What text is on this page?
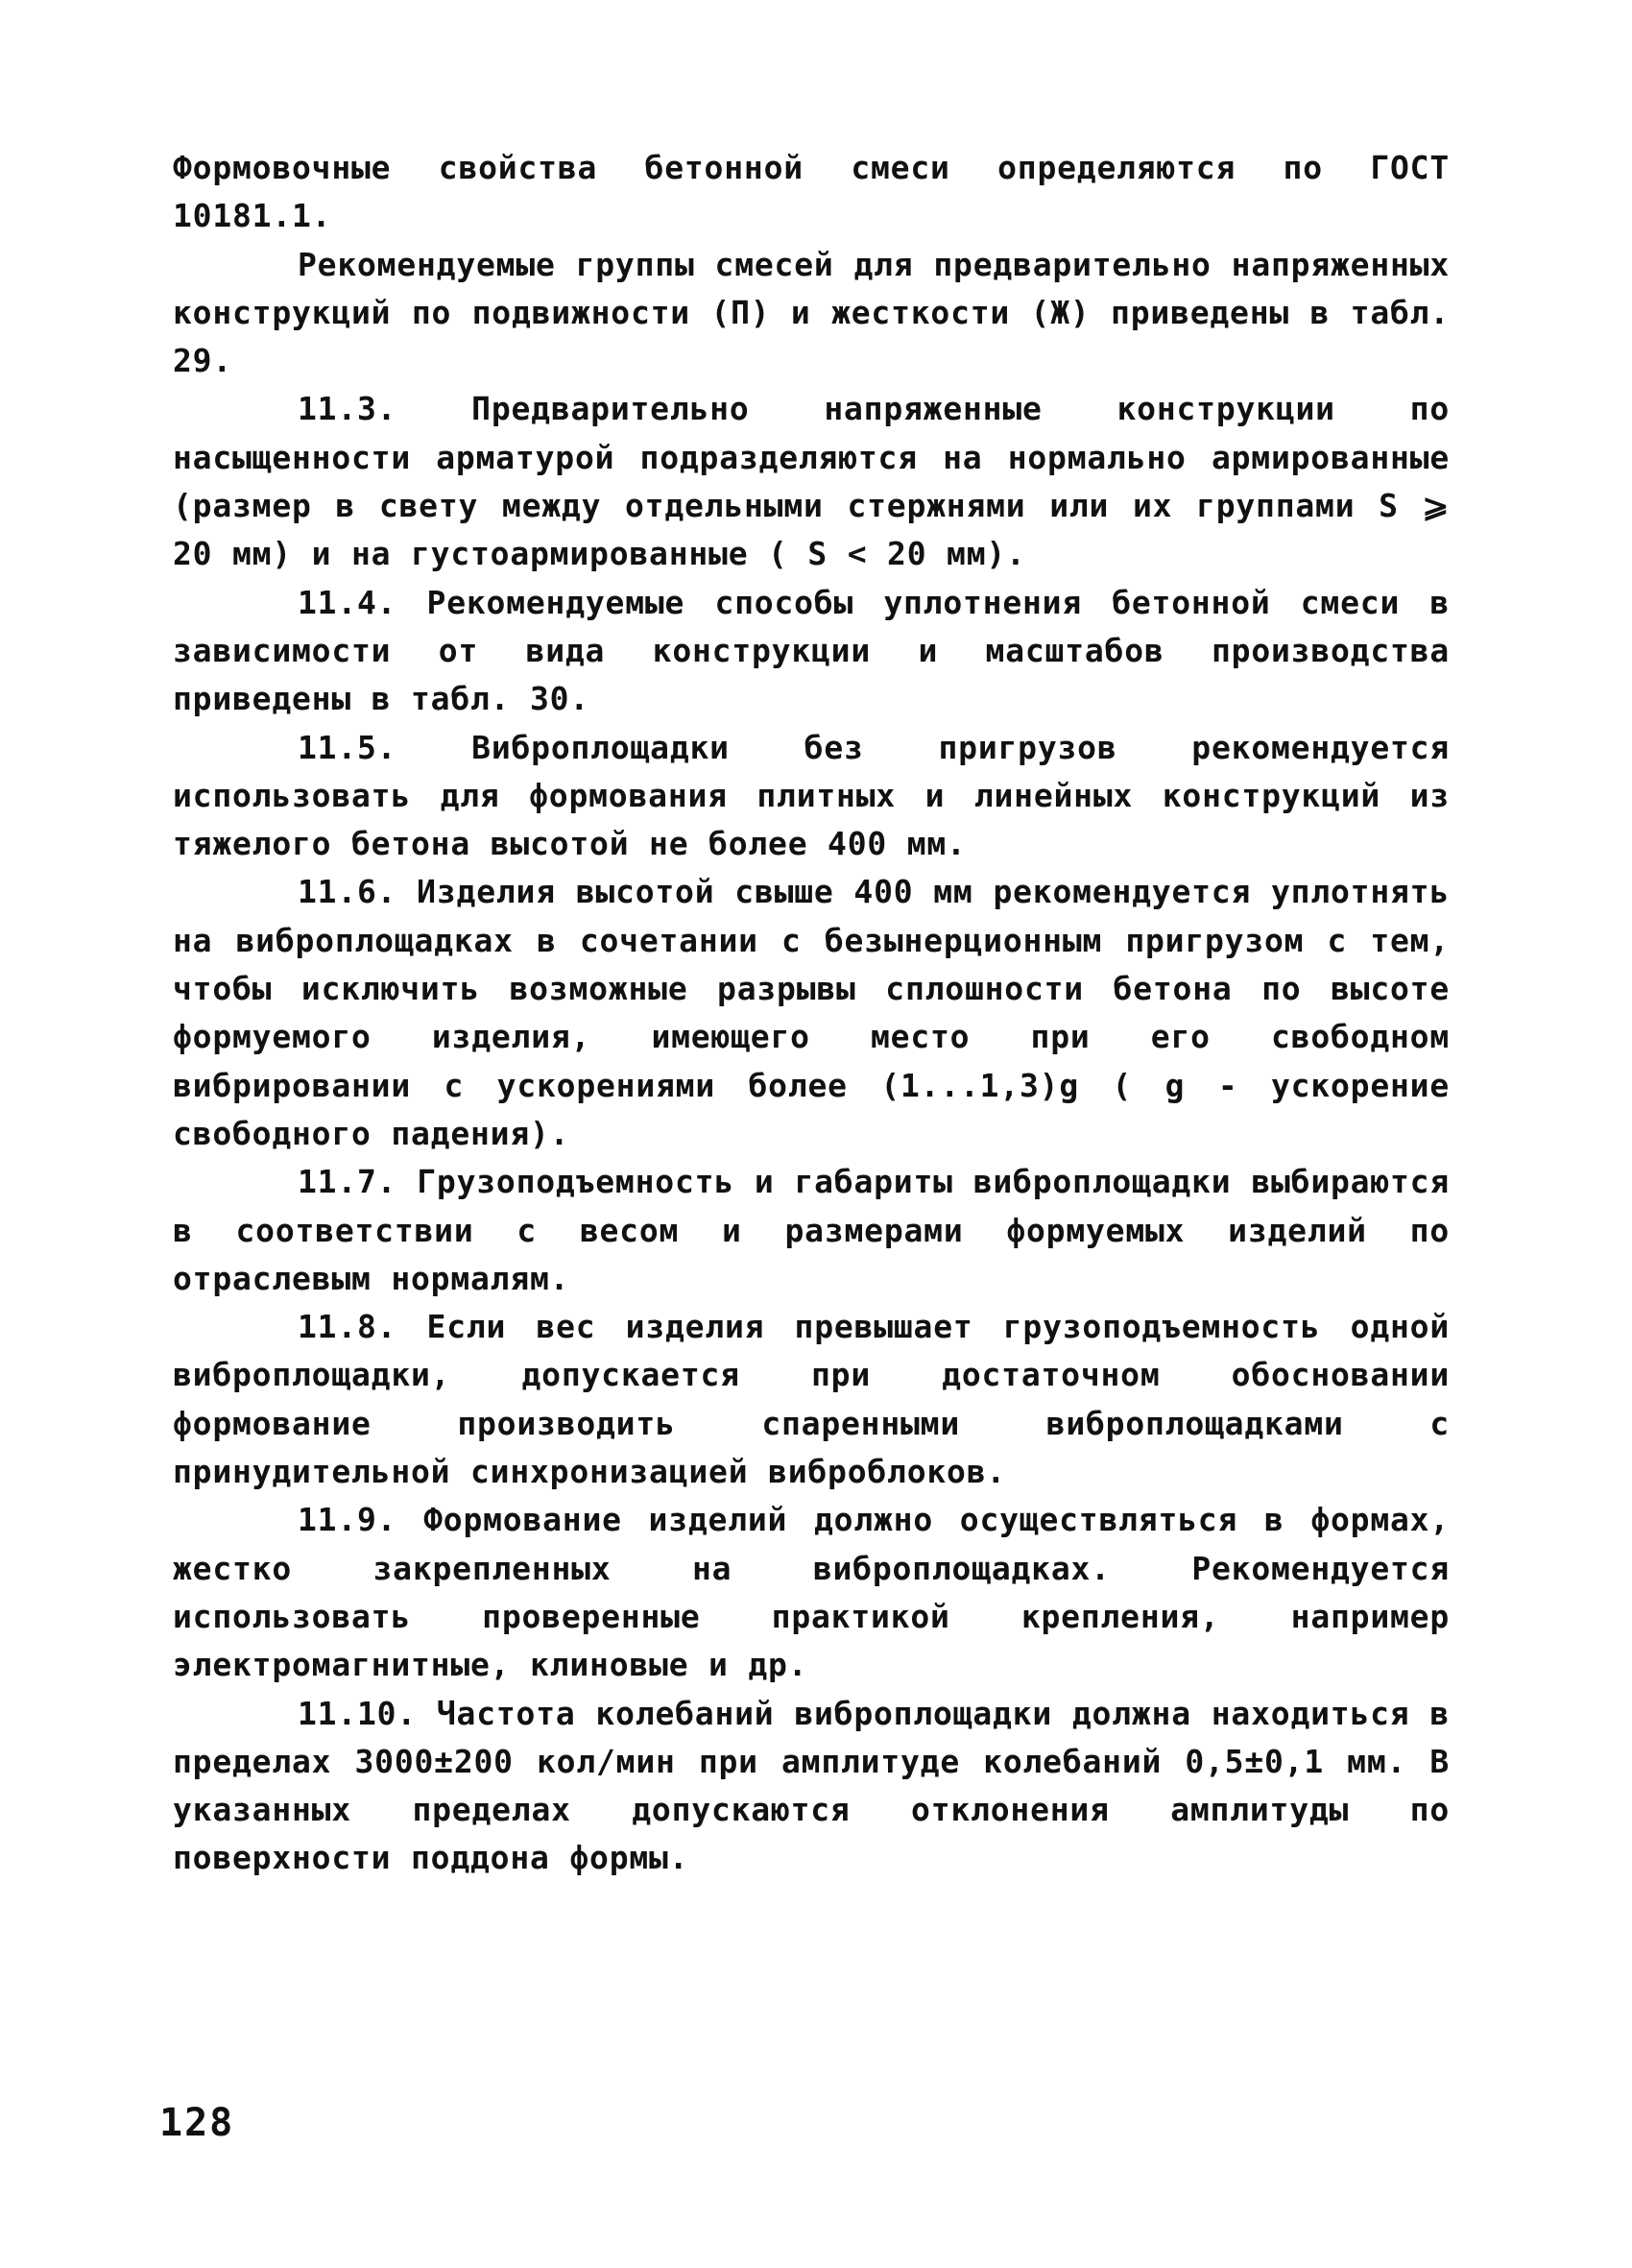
Формовочные свойства бетонной смеси определяются по ГОСТ 10181.1.

Рекомендуемые группы смесей для предварительно напряженных конструкций по подвижности (П) и жесткости (Ж) приведены в табл. 29.

11.3. Предварительно напряженные конструкции по насыщенности арматурой подразделяются на нормально армированные (размер в свету между отдельными стержнями или их группами S ⩾ 20 мм) и на густоармированные ( S < 20 мм).

11.4. Рекомендуемые способы уплотнения бетонной смеси в зависимости от вида конструкции и масштабов производства приведены в табл. 30.

11.5. Виброплощадки без пригрузов рекомендуется использовать для формования плитных и линейных конструкций из тяжелого бетона высотой не более 400 мм.

11.6. Изделия высотой свыше 400 мм рекомендуется уплотнять на виброплощадках в сочетании с безынерционным пригрузом с тем, чтобы исключить возможные разрывы сплошности бетона по высоте формуемого изделия, имеющего место при его свободном вибрировании с ускорениями более (1...1,3)g ( g - ускорение свободного падения).

11.7. Грузоподъемность и габариты виброплощадки выбираются в соответствии с весом и размерами формуемых изделий по отраслевым нормалям.

11.8. Если вес изделия превышает грузоподъемность одной виброплощадки, допускается при достаточном обосновании формование производить спаренными виброплощадками с принудительной синхронизацией виброблоков.

11.9. Формование изделий должно осуществляться в формах, жестко закрепленных на виброплощадках. Рекомендуется использовать проверенные практикой крепления, например электромагнитные, клиновые и др.

11.10. Частота колебаний виброплощадки должна находиться в пределах 3000±200 кол/мин при амплитуде колебаний 0,5±0,1 мм. В указанных пределах допускаются отклонения амплитуды по поверхности поддона формы.

128
